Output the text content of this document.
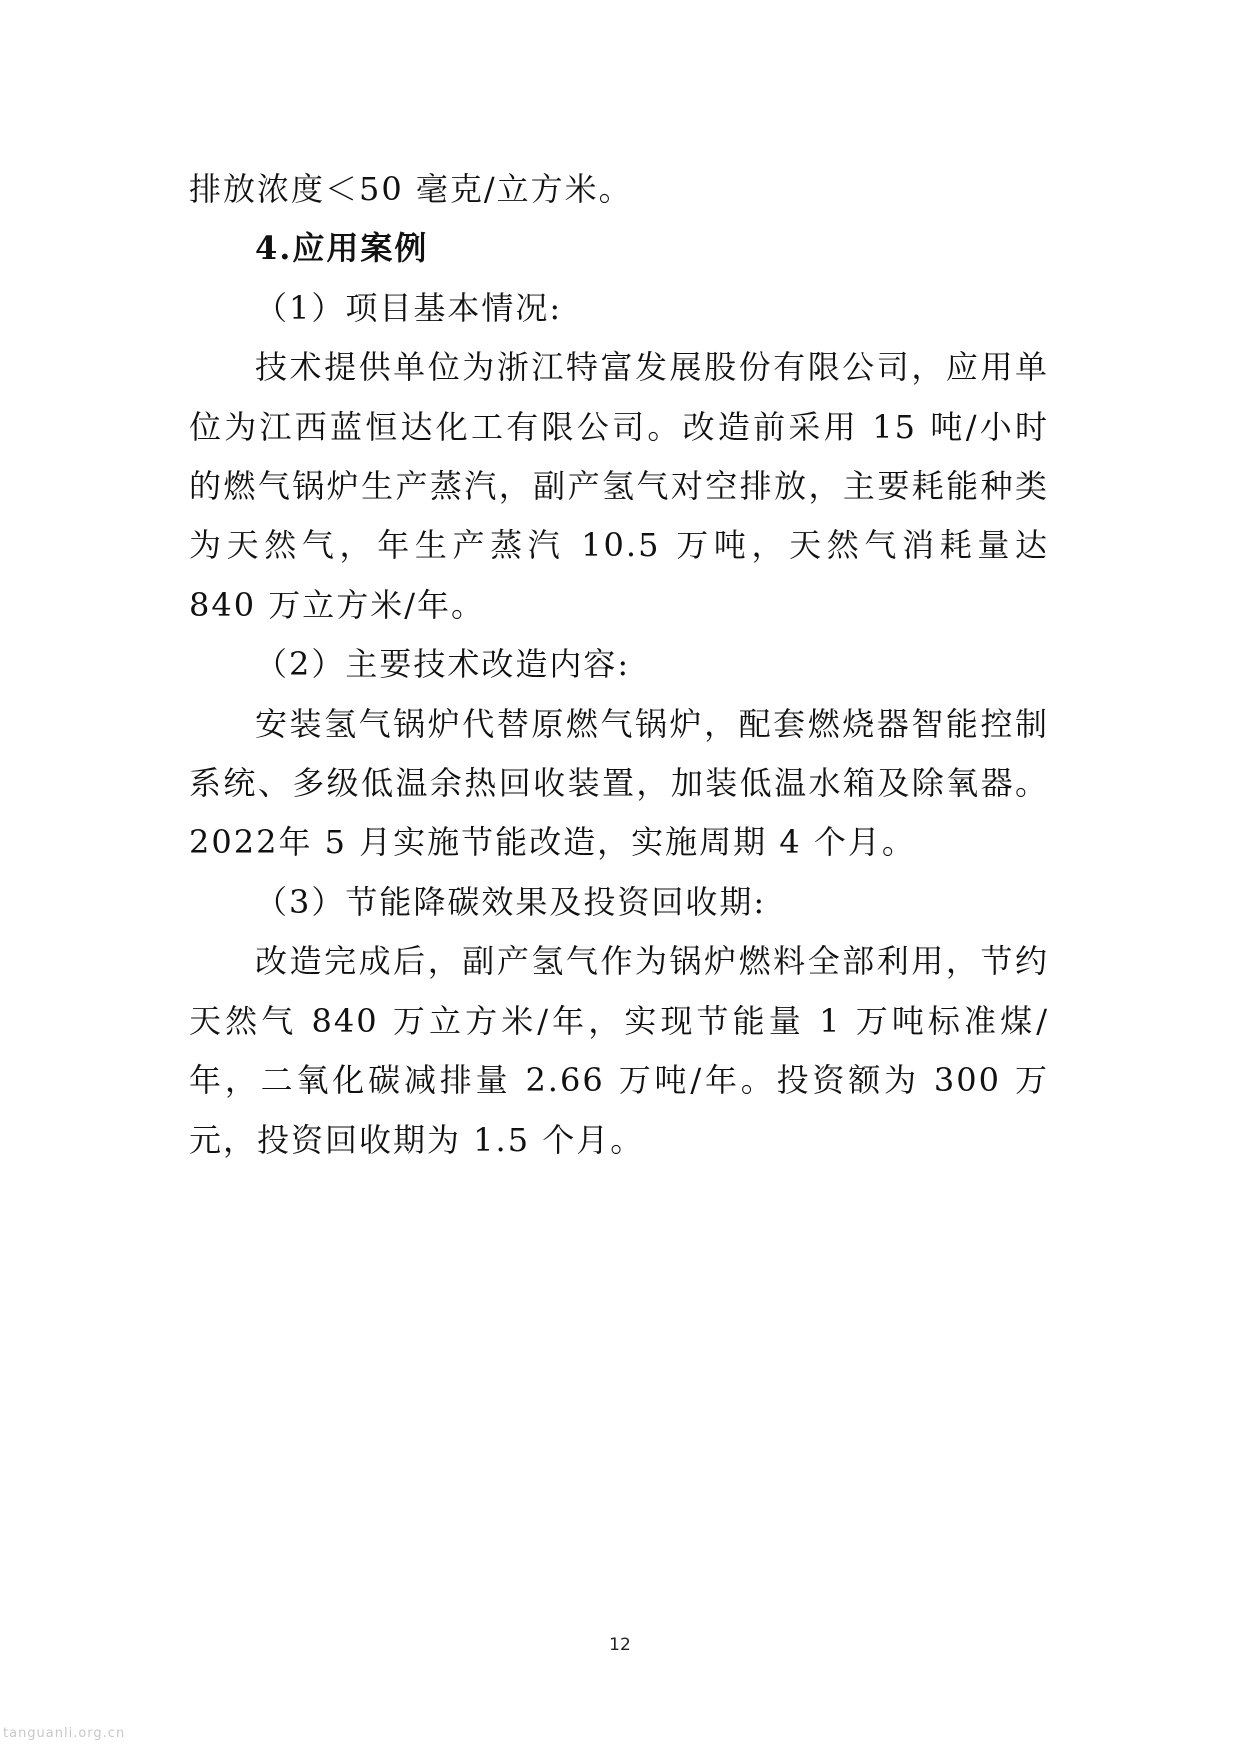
排放浓度＜50 毫克/立方米。

4.应用案例

（1）项目基本情况:

技术提供单位为浙江特富发展股份有限公司，应用单位为江西蓝恒达化工有限公司。改造前采用 15 吨/小时的燃气锅炉生产蒸汽，副产氢气对空排放，主要耗能种类为天然气，年生产蒸汽 10.5 万吨，天然气消耗量达 840 万立方米/年。

（2）主要技术改造内容:

安装氢气锅炉代替原燃气锅炉，配套燃烧器智能控制系统、多级低温余热回收装置，加装低温水箱及除氧器。2022年 5 月实施节能改造，实施周期 4 个月。

（3）节能降碳效果及投资回收期:

改造完成后，副产氢气作为锅炉燃料全部利用，节约天然气 840 万立方米/年，实现节能量 1 万吨标准煤/年，二氧化碳减排量 2.66 万吨/年。投资额为 300 万元，投资回收期为 1.5 个月。

12
tanguanli.org.cn
